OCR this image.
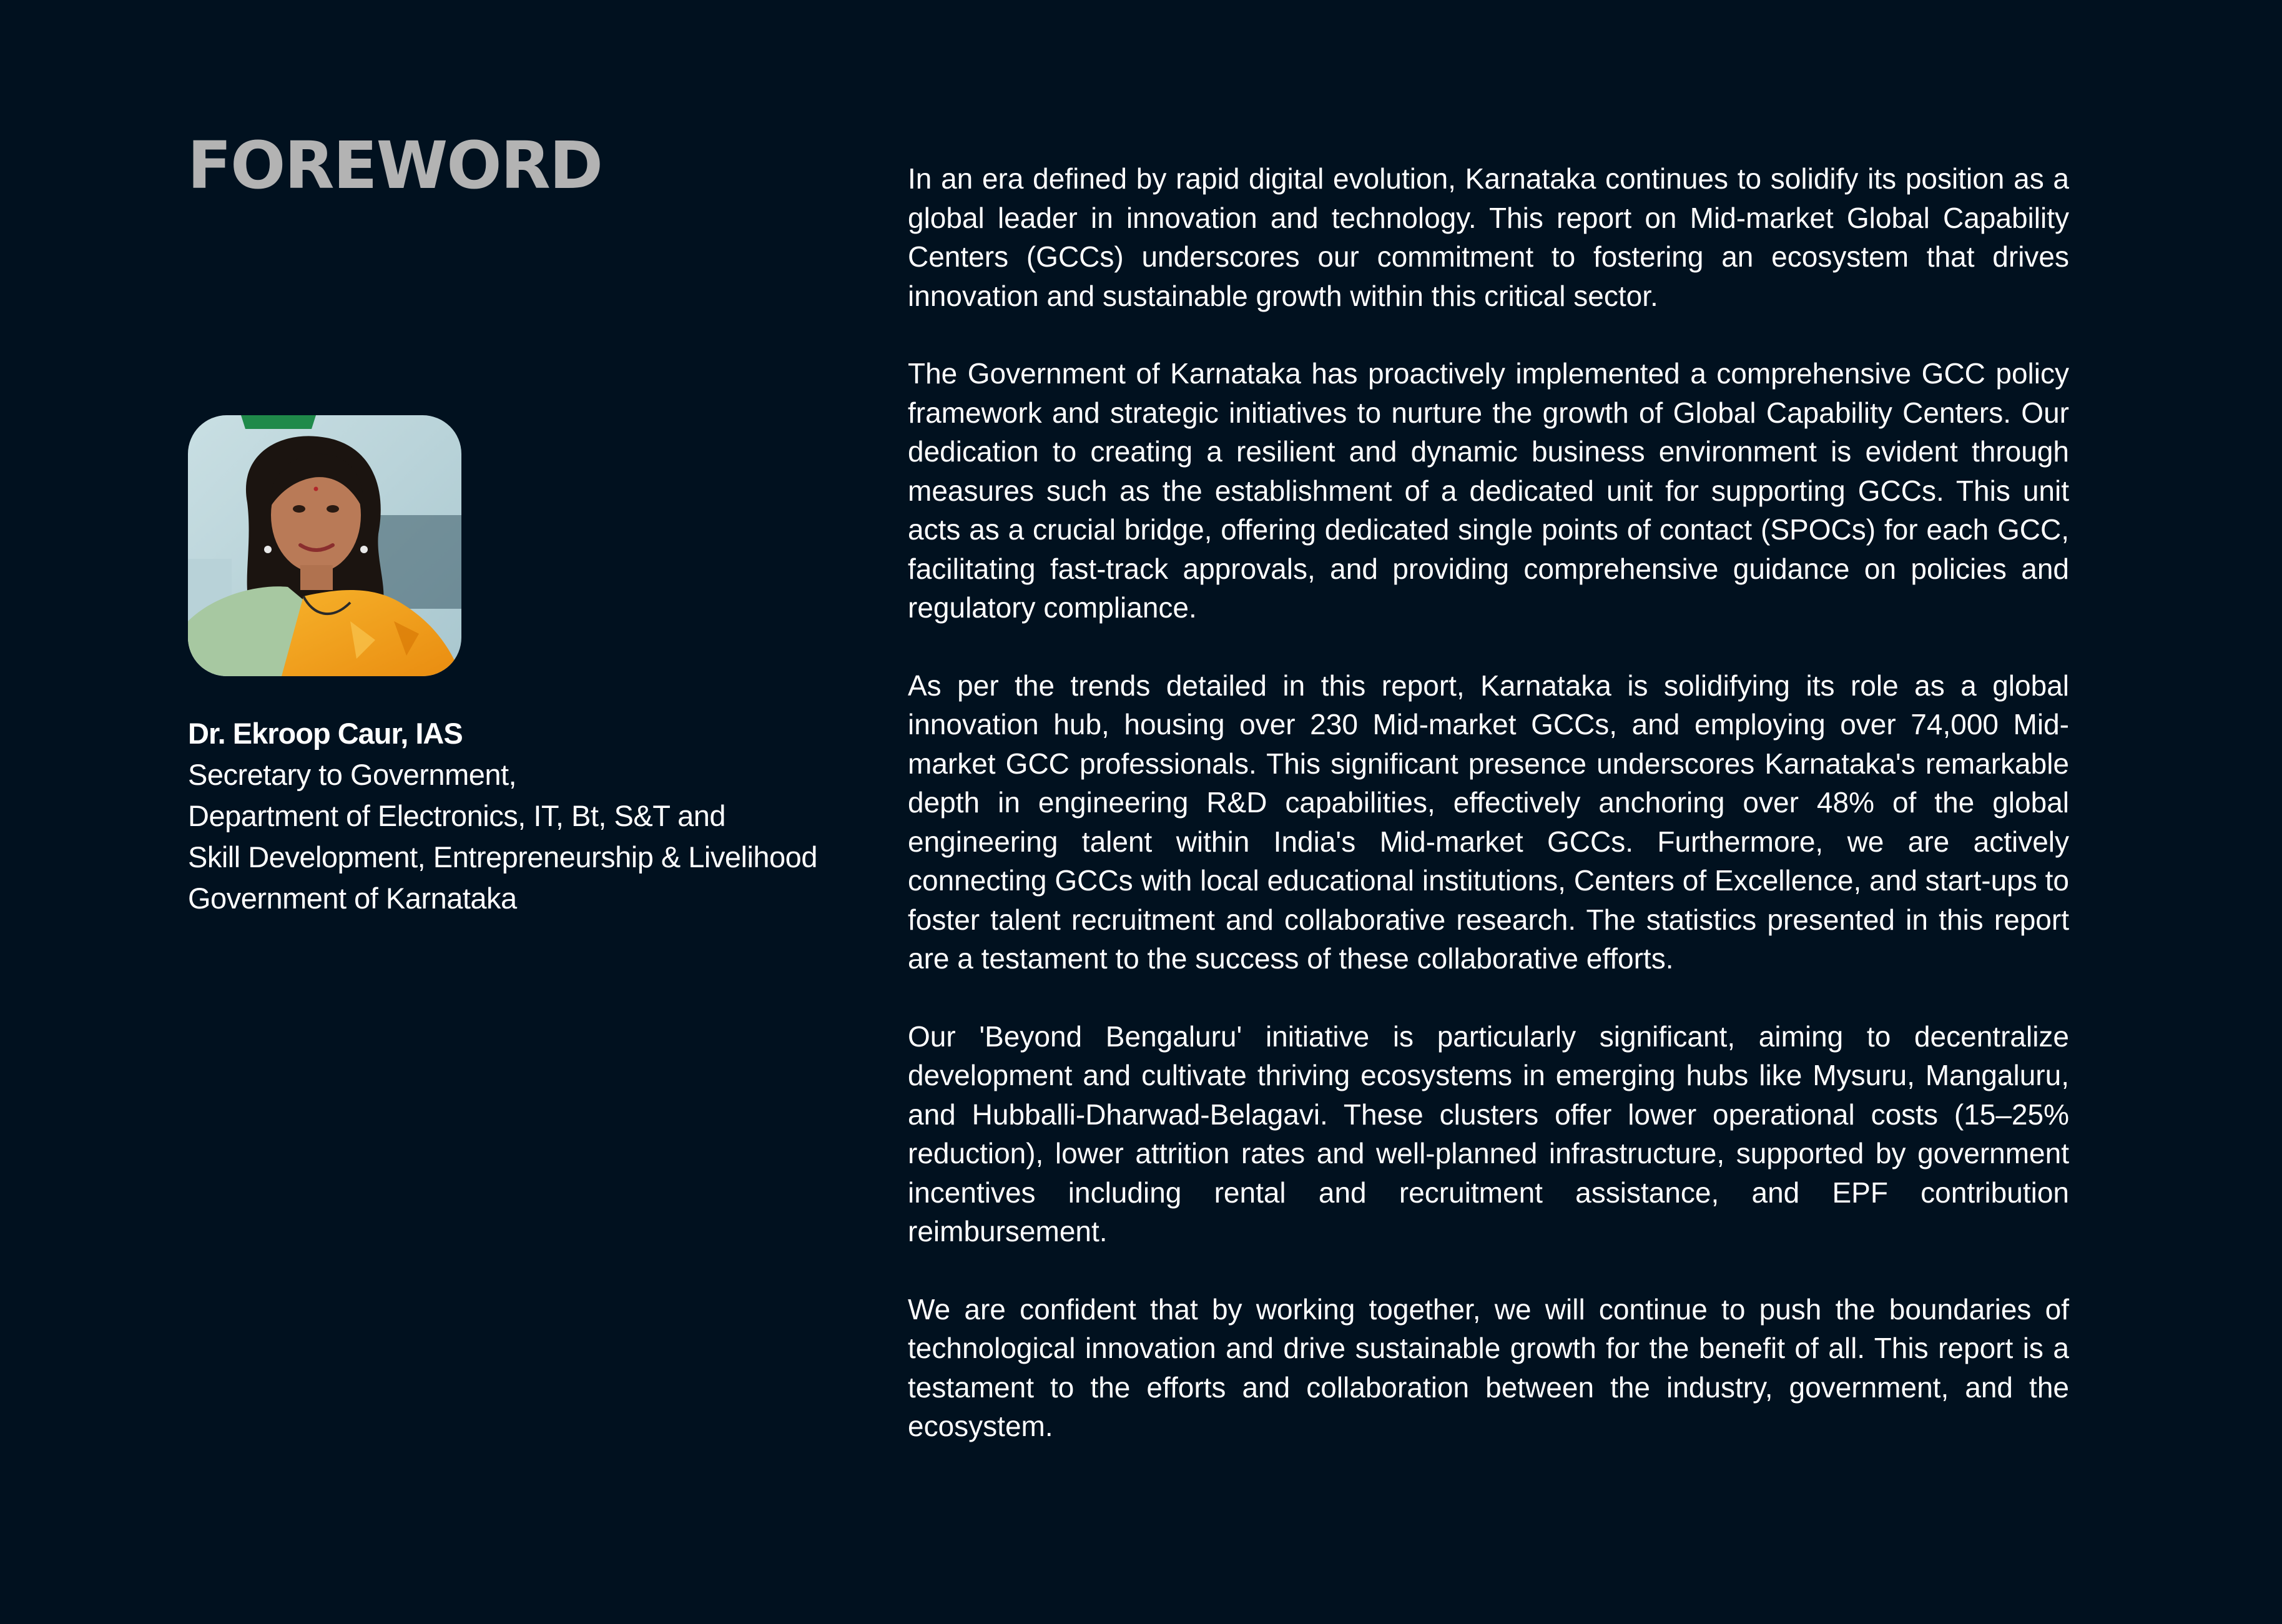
FOREWORD
Dr. Ekroop Caur, IAS
Secretary to Government,
Department of Electronics, IT, Bt, S&T and
Skill Development, Entrepreneurship & Livelihood
Government of Karnataka

In an era defined by rapid digital evolution, Karnataka continues to solidify its position as a global leader in innovation and technology. This report on Mid-market Global Capability Centers (GCCs) underscores our commitment to fostering an ecosystem that drives innovation and sustainable growth within this critical sector.

The Government of Karnataka has proactively implemented a comprehensive GCC policy framework and strategic initiatives to nurture the growth of Global Capability Centers. Our dedication to creating a resilient and dynamic business environment is evident through measures such as the establishment of a dedicated unit for supporting GCCs. This unit acts as a crucial bridge, offering dedicated single points of contact (SPOCs) for each GCC, facilitating fast-track approvals, and providing comprehensive guidance on policies and regulatory compliance.

As per the trends detailed in this report, Karnataka is solidifying its role as a global innovation hub, housing over 230 Mid-market GCCs, and employing over 74,000 Mid-market GCC professionals. This significant presence underscores Karnataka's remarkable depth in engineering R&D capabilities, effectively anchoring over 48% of the global engineering talent within India's Mid-market GCCs. Furthermore, we are actively connecting GCCs with local educational institutions, Centers of Excellence, and start-ups to foster talent recruitment and collaborative research. The statistics presented in this report are a testament to the success of these collaborative efforts.

Our 'Beyond Bengaluru' initiative is particularly significant, aiming to decentralize development and cultivate thriving ecosystems in emerging hubs like Mysuru, Mangaluru, and Hubballi-Dharwad-Belagavi. These clusters offer lower operational costs (15–25% reduction), lower attrition rates and well-planned infrastructure, supported by government incentives including rental and recruitment assistance, and EPF contribution reimbursement.

We are confident that by working together, we will continue to push the boundaries of technological innovation and drive sustainable growth for the benefit of all. This report is a testament to the efforts and collaboration between the industry, government, and the ecosystem.
